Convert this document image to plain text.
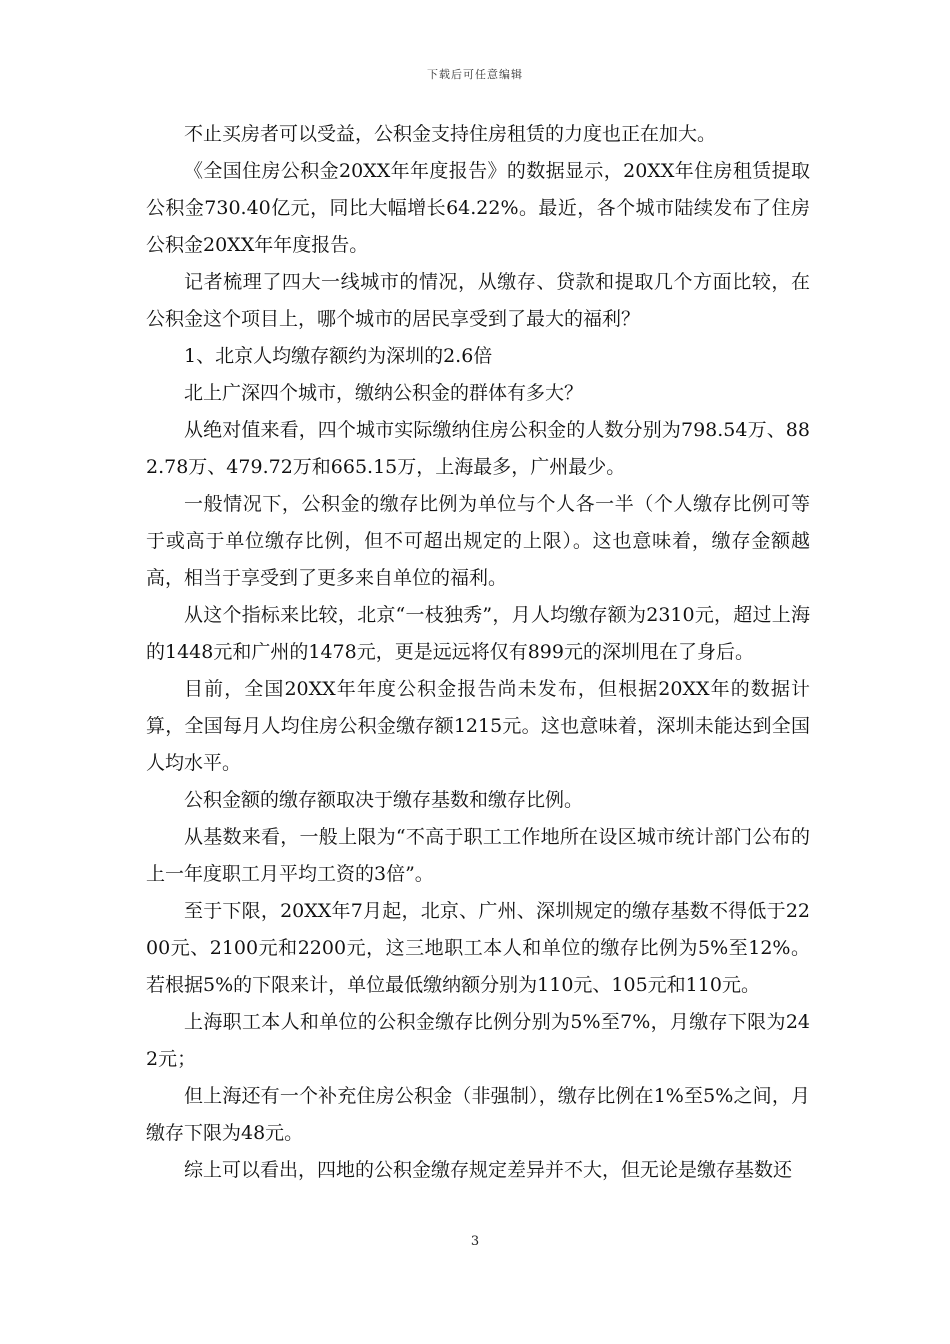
下载后可任意编辑

不止买房者可以受益，公积金支持住房租赁的力度也正在加大。

《全国住房公积金20XX年年度报告》的数据显示，20XX年住房租赁提取公积金730.40亿元，同比大幅增长64.22%。最近，各个城市陆续发布了住房公积金20XX年年度报告。

记者梳理了四大一线城市的情况，从缴存、贷款和提取几个方面比较，在公积金这个项目上，哪个城市的居民享受到了最大的福利？

1、北京人均缴存额约为深圳的2.6倍

北上广深四个城市，缴纳公积金的群体有多大？

从绝对值来看，四个城市实际缴纳住房公积金的人数分别为798.54万、882.78万、479.72万和665.15万，上海最多，广州最少。

一般情况下，公积金的缴存比例为单位与个人各一半（个人缴存比例可等于或高于单位缴存比例，但不可超出规定的上限）。这也意味着，缴存金额越高，相当于享受到了更多来自单位的福利。

从这个指标来比较，北京“一枝独秀”，月人均缴存额为2310元，超过上海的1448元和广州的1478元，更是远远将仅有899元的深圳甩在了身后。

目前，全国20XX年年度公积金报告尚未发布，但根据20XX年的数据计算，全国每月人均住房公积金缴存额1215元。这也意味着，深圳未能达到全国人均水平。

公积金额的缴存额取决于缴存基数和缴存比例。

从基数来看，一般上限为“不高于职工工作地所在设区城市统计部门公布的上一年度职工月平均工资的3倍”。

至于下限，20XX年7月起，北京、广州、深圳规定的缴存基数不得低于2200元、2100元和2200元，这三地职工本人和单位的缴存比例为5%至12%。若根据5%的下限来计，单位最低缴纳额分别为110元、105元和110元。

上海职工本人和单位的公积金缴存比例分别为5%至7%，月缴存下限为242元；

但上海还有一个补充住房公积金（非强制），缴存比例在1%至5%之间，月缴存下限为48元。

综上可以看出，四地的公积金缴存规定差异并不大，但无论是缴存基数还

3
